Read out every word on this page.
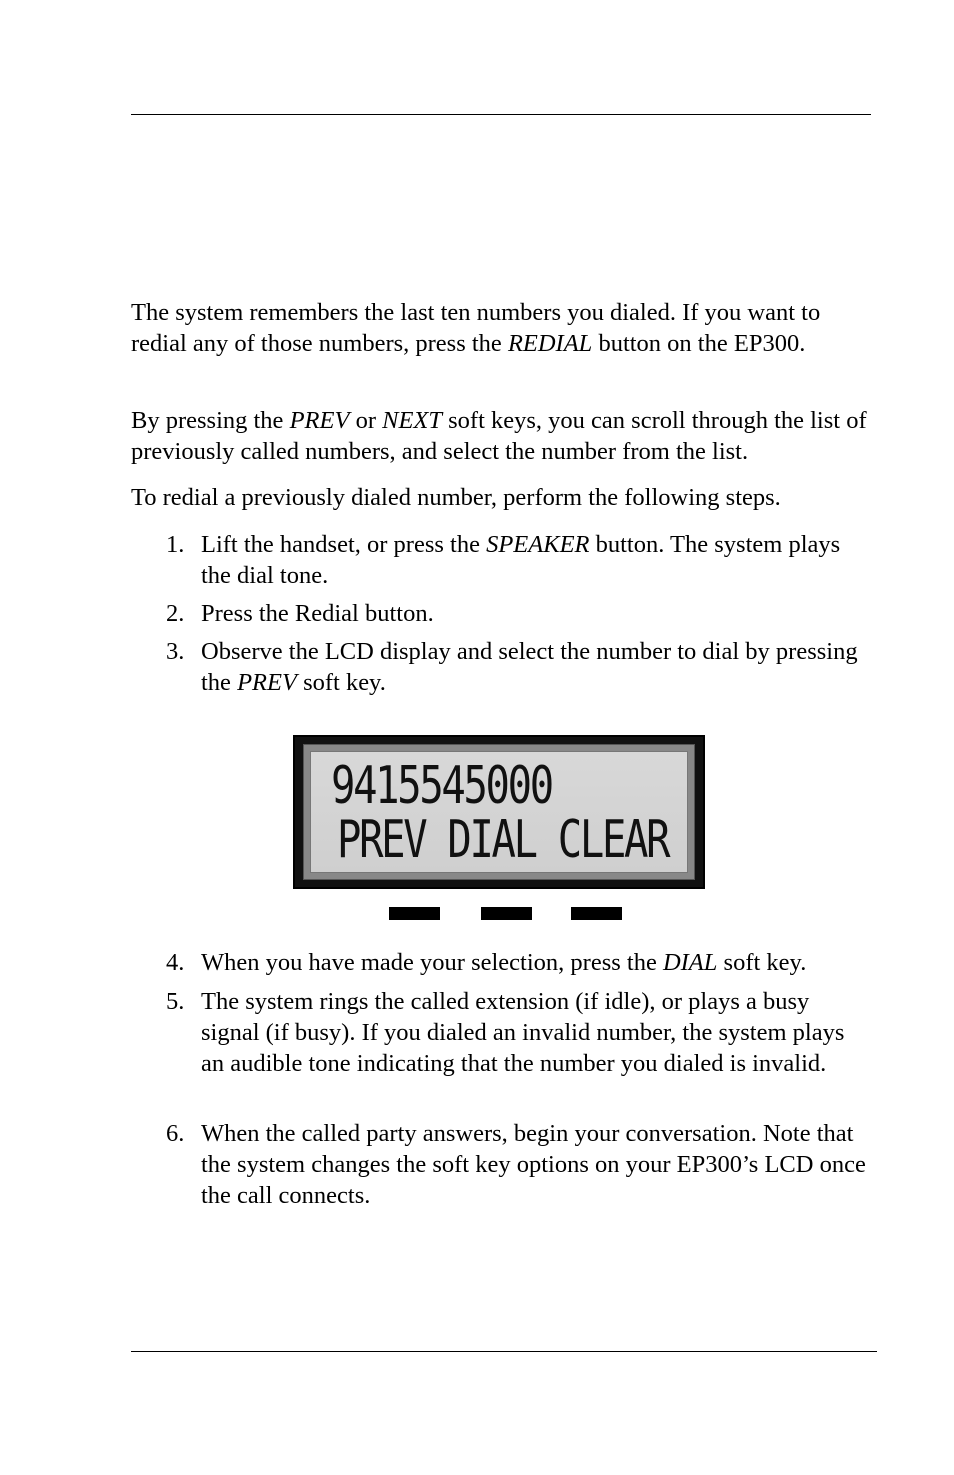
The system remembers the last ten numbers you dialed. If you want to redial any of those numbers, press the REDIAL button on the EP300.

By pressing the PREV or NEXT soft keys, you can scroll through the list of previously called numbers, and select the number from the list.

To redial a previously dialed number, perform the following steps.

1. Lift the handset, or press the SPEAKER button. The system plays the dial tone.
2. Press the Redial button.
3. Observe the LCD display and select the number to dial by pressing the PREV soft key.
9415545000
PREV DIAL CLEAR
4. When you have made your selection, press the DIAL soft key.
5. The system rings the called extension (if idle), or plays a busy signal (if busy). If you dialed an invalid number, the system plays an audible tone indicating that the number you dialed is invalid.
6. When the called party answers, begin your conversation. Note that the system changes the soft key options on your EP300’s LCD once the call connects.
